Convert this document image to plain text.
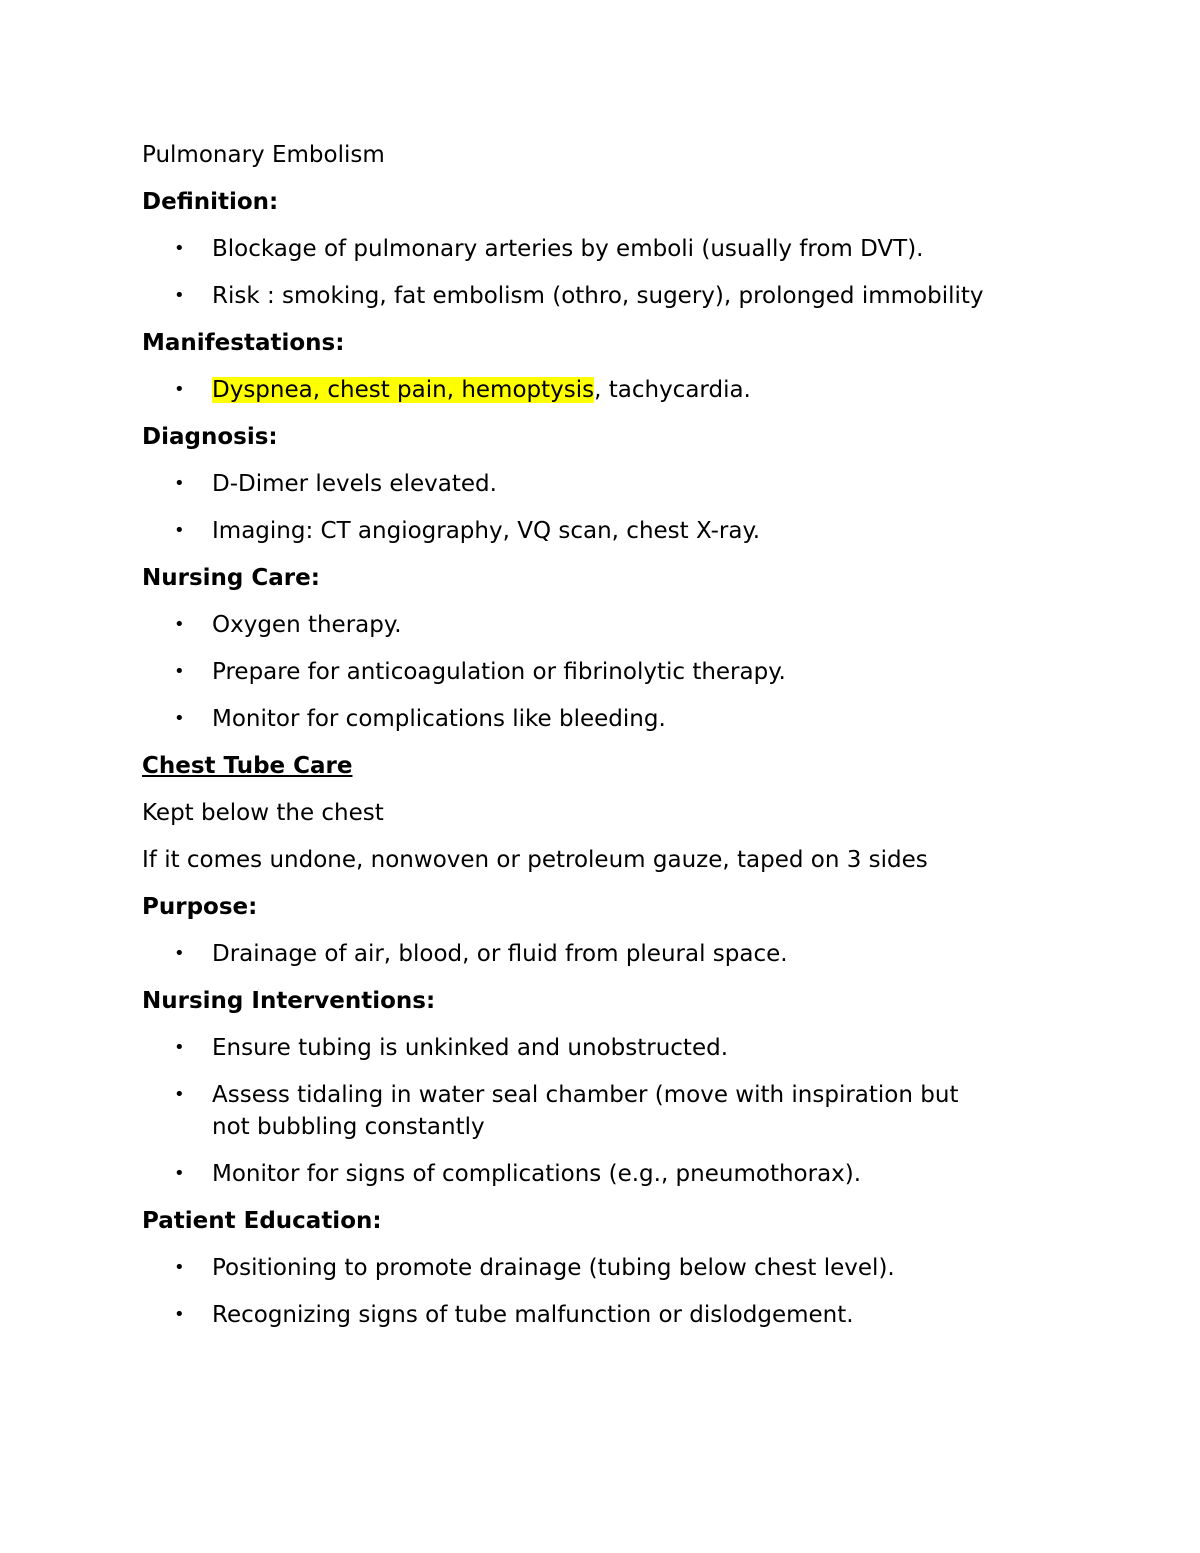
Pulmonary Embolism

Definition:

• Blockage of pulmonary arteries by emboli (usually from DVT).
• Risk : smoking, fat embolism (othro, sugery), prolonged immobility

Manifestations:

• Dyspnea, chest pain, hemoptysis, tachycardia.

Diagnosis:

• D-Dimer levels elevated.
• Imaging: CT angiography, VQ scan, chest X-ray.

Nursing Care:

• Oxygen therapy.
• Prepare for anticoagulation or fibrinolytic therapy.
• Monitor for complications like bleeding.

Chest Tube Care

Kept below the chest

If it comes undone, nonwoven or petroleum gauze, taped on 3 sides

Purpose:

• Drainage of air, blood, or fluid from pleural space.

Nursing Interventions:

• Ensure tubing is unkinked and unobstructed.
• Assess tidaling in water seal chamber (move with inspiration but not bubbling constantly
• Monitor for signs of complications (e.g., pneumothorax).

Patient Education:

• Positioning to promote drainage (tubing below chest level).
• Recognizing signs of tube malfunction or dislodgement.
